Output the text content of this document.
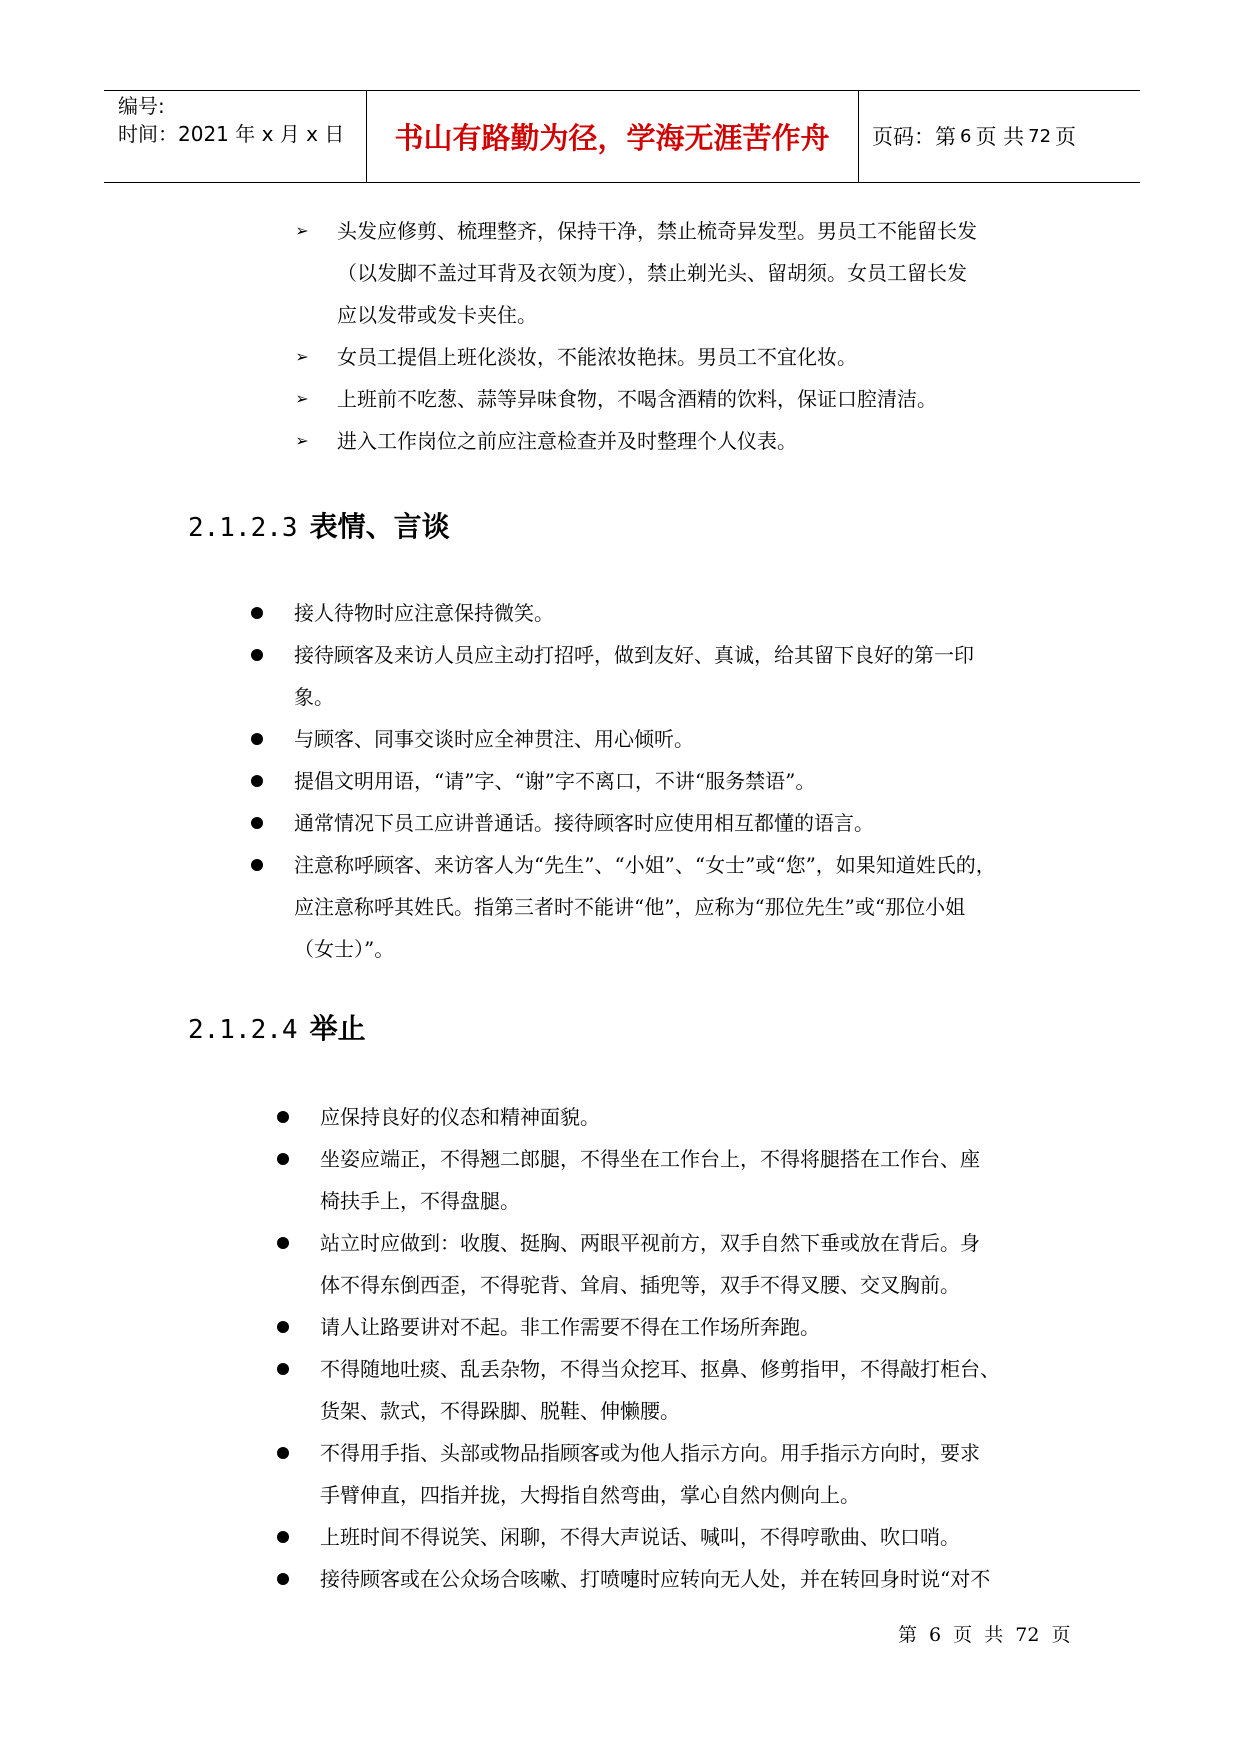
编号:
时间：2021 年 x 月 x 日	书山有路勤为径，学海无涯苦作舟	页码：第 6 页 共 72 页
➢ 头发应修剪、梳理整齐，保持干净，禁止梳奇异发型。男员工不能留长发
（以发脚不盖过耳背及衣领为度），禁止剃光头、留胡须。女员工留长发
应以发带或发卡夹住。
➢ 女员工提倡上班化淡妆，不能浓妆艳抹。男员工不宜化妆。
➢ 上班前不吃葱、蒜等异味食物，不喝含酒精的饮料，保证口腔清洁。
➢ 进入工作岗位之前应注意检查并及时整理个人仪表。
2.1.2.3 表情、言谈
接人待物时应注意保持微笑。
接待顾客及来访人员应主动打招呼，做到友好、真诚，给其留下良好的第一印
象。
与顾客、同事交谈时应全神贯注、用心倾听。
提倡文明用语，“请”字、“谢”字不离口，不讲“服务禁语”。
通常情况下员工应讲普通话。接待顾客时应使用相互都懂的语言。
注意称呼顾客、来访客人为“先生”、“小姐”、“女士”或“您”，如果知道姓氏的，
应注意称呼其姓氏。指第三者时不能讲“他”，应称为“那位先生”或“那位小姐
（女士）”。
2.1.2.4 举止
应保持良好的仪态和精神面貌。
坐姿应端正，不得翘二郎腿，不得坐在工作台上，不得将腿搭在工作台、座
椅扶手上，不得盘腿。
站立时应做到：收腹、挺胸、两眼平视前方，双手自然下垂或放在背后。身
体不得东倒西歪，不得驼背、耸肩、插兜等，双手不得叉腰、交叉胸前。
请人让路要讲对不起。非工作需要不得在工作场所奔跑。
不得随地吐痰、乱丢杂物，不得当众挖耳、抠鼻、修剪指甲，不得敲打柜台、
货架、款式，不得跺脚、脱鞋、伸懒腰。
不得用手指、头部或物品指顾客或为他人指示方向。用手指示方向时，要求
手臂伸直，四指并拢，大拇指自然弯曲，掌心自然内侧向上。
上班时间不得说笑、闲聊，不得大声说话、喊叫，不得哼歌曲、吹口哨。
接待顾客或在公众场合咳嗽、打喷嚏时应转向无人处，并在转回身时说“对不
第 6 页 共 72 页
